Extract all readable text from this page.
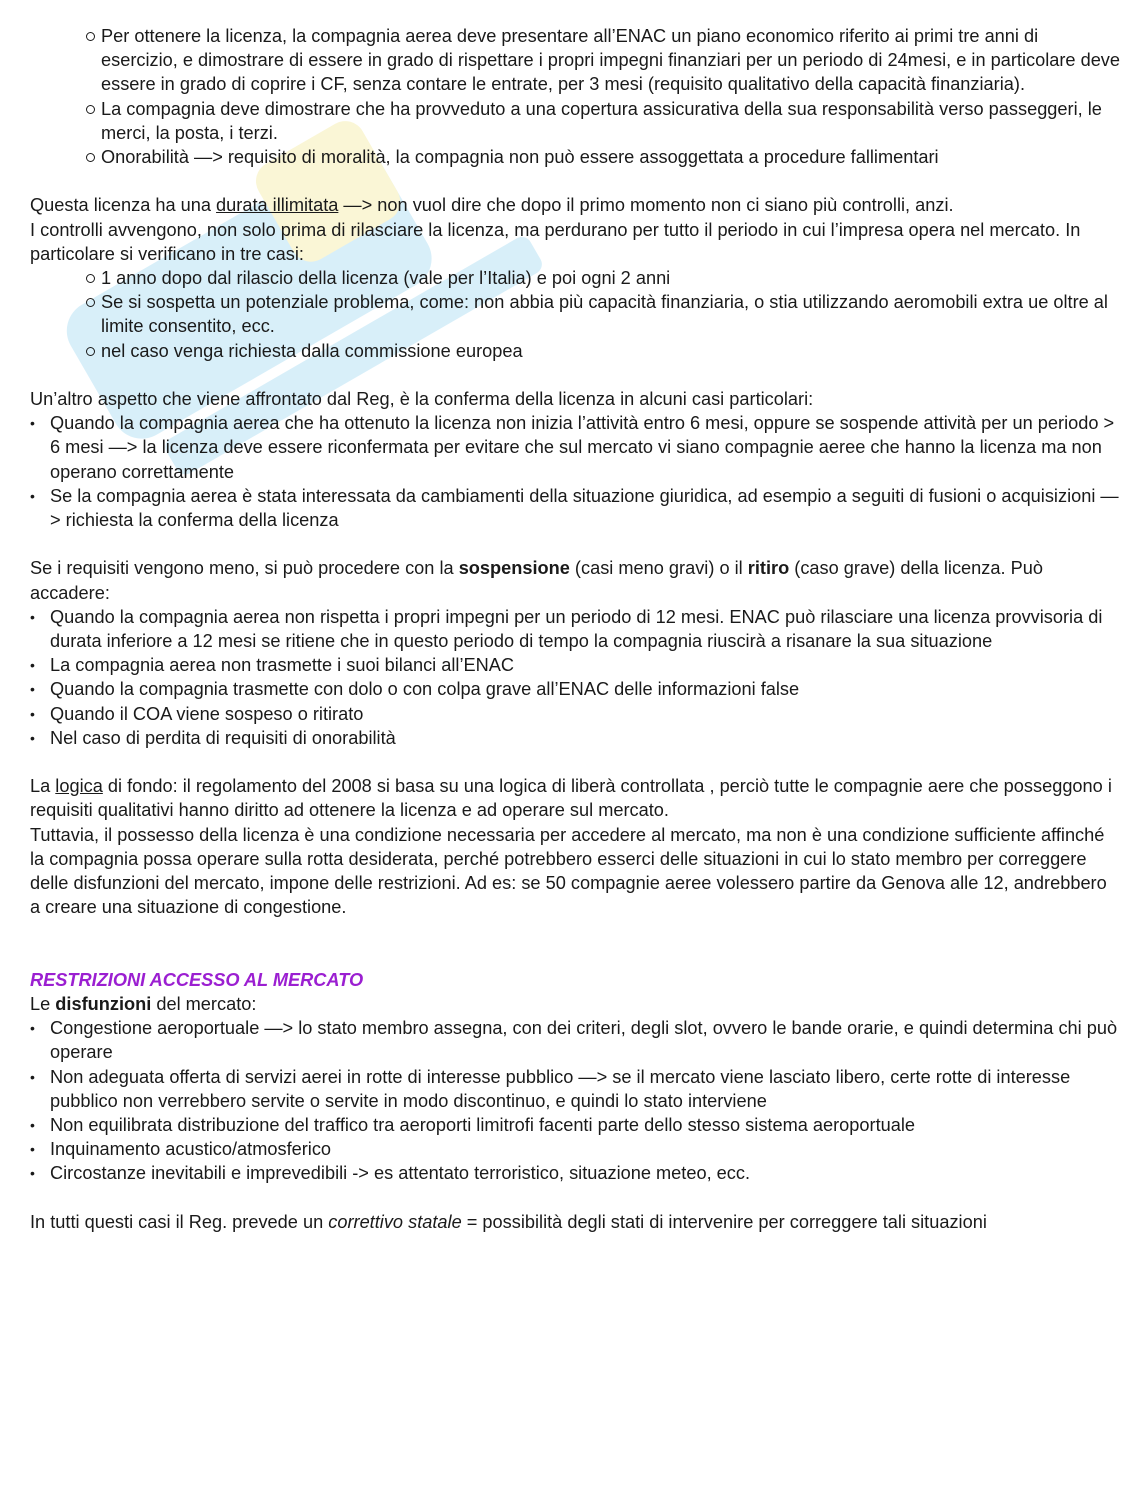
Per ottenere la licenza, la compagnia aerea deve presentare all’ENAC un piano economico riferito ai primi tre anni di esercizio, e dimostrare di essere in grado di rispettare i propri impegni finanziari per un periodo di 24mesi, e in particolare deve essere in grado di coprire i CF, senza contare le entrate, per 3 mesi (requisito qualitativo della capacità finanziaria).
La compagnia deve dimostrare che ha provveduto a una copertura assicurativa della sua responsabilità verso passeggeri, le merci, la posta, i terzi.
Onorabilità —> requisito di moralità, la compagnia non può essere assoggettata a procedure fallimentari

Questa licenza ha una durata illimitata —> non vuol dire che dopo il primo momento non ci siano più controlli, anzi.

I controlli avvengono, non solo prima di rilasciare la licenza, ma perdurano per tutto il periodo in cui l’impresa opera nel mercato. In particolare si verificano in tre casi:

1 anno dopo dal rilascio della licenza (vale per l’Italia) e poi ogni 2 anni
Se si sospetta un potenziale problema, come: non abbia più capacità finanziaria, o stia utilizzando aeromobili extra ue oltre al limite consentito, ecc.
nel caso venga richiesta dalla commissione europea

Un’altro aspetto che viene affrontato dal Reg, è la conferma della licenza in alcuni casi particolari:

• Quando la compagnia aerea che ha ottenuto la licenza non inizia l’attività entro 6 mesi, oppure se sospende attività per un periodo > 6 mesi —> la licenza deve essere riconfermata per evitare che sul mercato vi siano compagnie aeree che hanno la licenza ma non operano correttamente
• Se la compagnia aerea è stata interessata da cambiamenti della situazione giuridica, ad esempio a seguiti di fusioni o acquisizioni —> richiesta la conferma della licenza

Se i requisiti vengono meno, si può procedere con la sospensione (casi meno gravi) o il ritiro (caso grave) della licenza. Può accadere:

• Quando la compagnia aerea non rispetta i propri impegni per un periodo di 12 mesi. ENAC può rilasciare una licenza provvisoria di durata inferiore a 12 mesi se ritiene che in questo periodo di tempo la compagnia riuscirà a risanare la sua situazione
• La compagnia aerea non trasmette i suoi bilanci all’ENAC
• Quando la compagnia trasmette con dolo o con colpa grave all’ENAC delle informazioni false
• Quando il COA viene sospeso o ritirato
• Nel caso di perdita di requisiti di onorabilità

La logica di fondo: il regolamento del 2008 si basa su una logica di liberà controllata , perciò tutte le compagnie aere che posseggono i requisiti qualitativi hanno diritto ad ottenere la licenza e ad operare sul mercato.

Tuttavia, il possesso della licenza è una condizione necessaria per accedere al mercato, ma non è una condizione sufficiente affinché la compagnia possa operare sulla rotta desiderata, perché potrebbero esserci delle situazioni in cui lo stato membro per correggere delle disfunzioni del mercato, impone delle restrizioni. Ad es: se 50 compagnie aeree volessero partire da Genova alle 12, andrebbero a creare una situazione di congestione.

RESTRIZIONI ACCESSO AL MERCATO

Le disfunzioni del mercato:

• Congestione aeroportuale —> lo stato membro assegna, con dei criteri, degli slot, ovvero le bande orarie, e quindi determina chi può operare
• Non adeguata offerta di servizi aerei in rotte di interesse pubblico —> se il mercato viene lasciato libero, certe rotte di interesse pubblico non verrebbero servite o servite in modo discontinuo, e quindi lo stato interviene
• Non equilibrata distribuzione del traffico tra aeroporti limitrofi facenti parte dello stesso sistema aeroportuale
• Inquinamento acustico/atmosferico
• Circostanze inevitabili e imprevedibili -> es attentato terroristico, situazione meteo, ecc.

In tutti questi casi il Reg. prevede un correttivo statale = possibilità degli stati di intervenire per correggere tali situazioni
